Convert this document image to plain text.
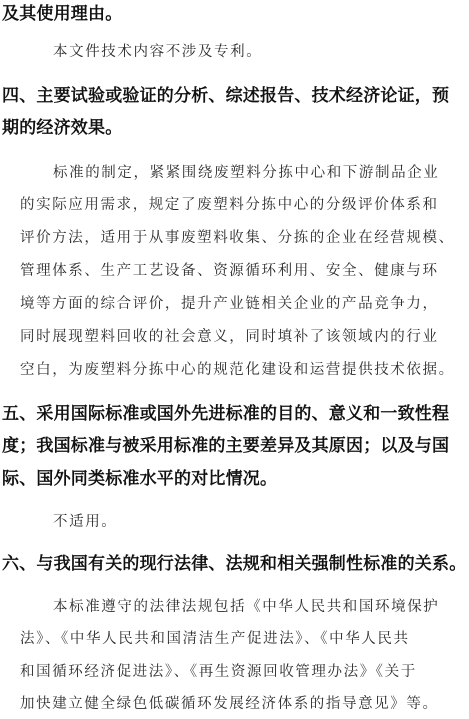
及其使用理由。
本文件技术内容不涉及专利。
四、主要试验或验证的分析、综述报告、技术经济论证，预
期的经济效果。
标准的制定，紧紧围绕废塑料分拣中心和下游制品企业
的实际应用需求，规定了废塑料分拣中心的分级评价体系和
评价方法，适用于从事废塑料收集、分拣的企业在经营规模、
管理体系、生产工艺设备、资源循环利用、安全、健康与环
境等方面的综合评价，提升产业链相关企业的产品竞争力，
同时展现塑料回收的社会意义，同时填补了该领域内的行业
空白，为废塑料分拣中心的规范化建设和运营提供技术依据。
五、采用国际标准或国外先进标准的目的、意义和一致性程
度；我国标准与被采用标准的主要差异及其原因；以及与国
际、国外同类标准水平的对比情况。
不适用。
六、与我国有关的现行法律、法规和相关强制性标准的关系。
本标准遵守的法律法规包括《中华人民共和国环境保护
法》、《中华人民共和国清洁生产促进法》、《中华人民共
和国循环经济促进法》、《再生资源回收管理办法》《关于
加快建立健全绿色低碳循环发展经济体系的指导意见》等。
